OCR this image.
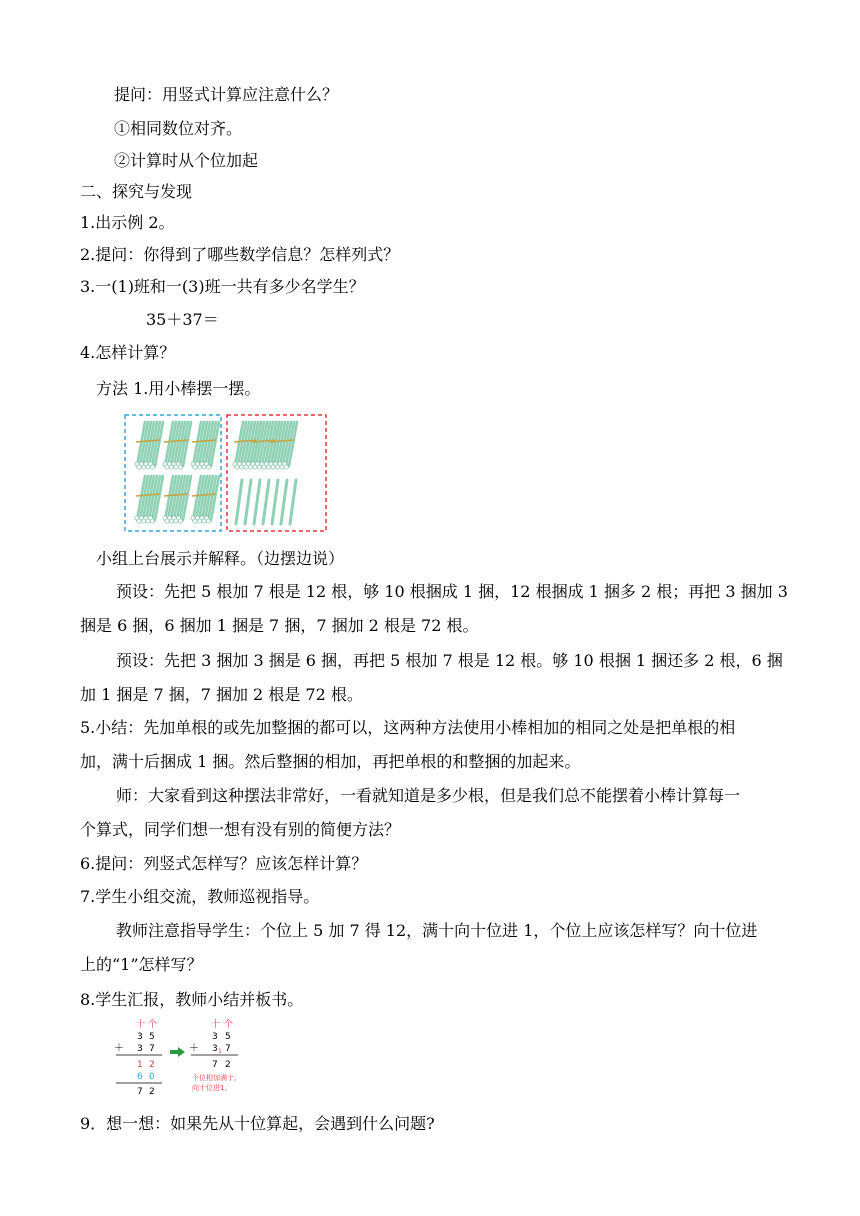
提问：用竖式计算应注意什么？
①相同数位对齐。
②计算时从个位加起
二、探究与发现
1.出示例 2。
2.提问：你得到了哪些数学信息？怎样列式？
3.一(1)班和一(3)班一共有多少名学生？
35＋37＝
4.怎样计算？
方法 1.用小棒摆一摆。
小组上台展示并解释。（边摆边说）
预设：先把 5 根加 7 根是 12 根，够 10 根捆成 1 捆，12 根捆成 1 捆多 2 根；再把 3 捆加 3
捆是 6 捆，6 捆加 1 捆是 7 捆，7 捆加 2 根是 72 根。
预设：先把 3 捆加 3 捆是 6 捆，再把 5 根加 7 根是 12 根。够 10 根捆 1 捆还多 2 根，6 捆
加 1 捆是 7 捆，7 捆加 2 根是 72 根。
5.小结：先加单根的或先加整捆的都可以，这两种方法使用小棒相加的相同之处是把单根的相
加，满十后捆成 1 捆。然后整捆的相加，再把单根的和整捆的加起来。
师：大家看到这种摆法非常好，一看就知道是多少根，但是我们总不能摆着小棒计算每一
个算式，同学们想一想有没有别的简便方法？
6.提问：列竖式怎样写？应该怎样计算？
7.学生小组交流，教师巡视指导。
教师注意指导学生：个位上 5 加 7 得 12，满十向十位进 1，个位上应该怎样写？向十位进
上的“1”怎样写？
8.学生汇报，教师小结并板书。
十 个
3 5
＋ 3 7
1 2
6 0
7 2
十 个
3 5
＋ 3 1 7
7 2
个位相加满十,
向十位进1。
9．想一想：如果先从十位算起，会遇到什么问题?
